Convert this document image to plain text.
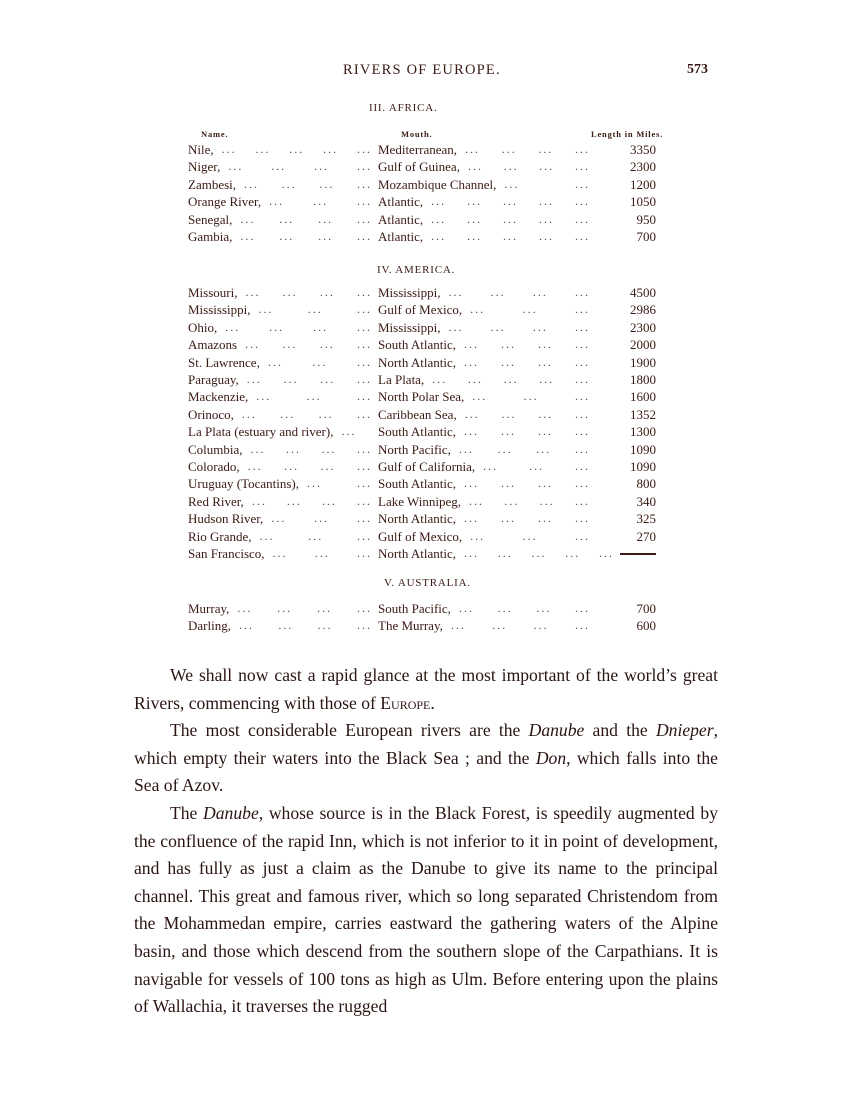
RIVERS OF EUROPE.	573
Name.	Mouth.	Length in Miles.
III. AFRICA.
Nile,	Mediterranean,	3350
... ... ... ... ...	... ... ... ...
Niger,	Gulf of Guinea,	2300
... ... ... ...	... ... ... ...
Zambesi,	Mozambique Channel,	1200
... ... ... ...	...	...
Orange River,	Atlantic,	1050
... ... ...	... ... ... ... ...
Senegal,	Atlantic,	950
... ... ... ...	... ... ... ... ...
Gambia,	Atlantic,	700
... ... ... ...	... ... ... ... ...
IV. AMERICA.
Missouri,	Mississippi,	4500
... ... ... ...	... ... ... ...
Mississippi,	Gulf of Mexico,	2986
...	...	...	...	...	...
Ohio,	Mississippi,	2300
... ... ... ...	... ... ... ...
Amazons	South Atlantic,	2000
... ... ... ...	... ... ... ...
St. Lawrence,	North Atlantic,	1900
... ... ...	... ... ... ...
Paraguay,	La Plata,	1800
... ... ... ...	... ... ... ... ...
Mackenzie,	North Polar Sea,	1600
...	...	...	...	...	...
Orinoco,	Caribbean Sea,	1352
... ... ... ...	... ... ... ...
La Plata (estuary and river),	South Atlantic,	1300
...	... ... ... ...
Columbia,	North Pacific,	1090
... ... ... ...	... ... ... ...
Colorado,	Gulf of California,	1090
... ... ... ...	...	...	...
Uruguay (Tocantins),	South Atlantic,	800
...	...	... ... ... ...
Red River,	Lake Winnipeg,	340
... ... ... ...	... ... ... ...
Hudson River,	North Atlantic,	325
... ... ...	... ... ... ...
Rio Grande,	Gulf of Mexico,	270
...	...	...	...	...	...
San Francisco,	North Atlantic,
... ... ...	... ... ... ... ...
V. AUSTRALIA.
Murray,	South Pacific,	700
... ... ... ...	... ... ... ...
Darling,	The Murray,	600
... ... ... ...	... ... ... ...

We shall now cast a rapid glance at the most important of the world’s great Rivers, commencing with those of Europe.

The most considerable European rivers are the Danube and the Dnieper, which empty their waters into the Black Sea ; and the Don, which falls into the Sea of Azov.

The Danube, whose source is in the Black Forest, is speedily augmented by the confluence of the rapid Inn, which is not inferior to it in point of development, and has fully as just a claim as the Danube to give its name to the principal channel. This great and famous river, which so long separated Christendom from the Mohammedan empire, carries eastward the gathering waters of the Alpine basin, and those which descend from the southern slope of the Carpathians. It is navigable for vessels of 100 tons as high as Ulm. Before entering upon the plains of Wallachia, it traverses the rugged
